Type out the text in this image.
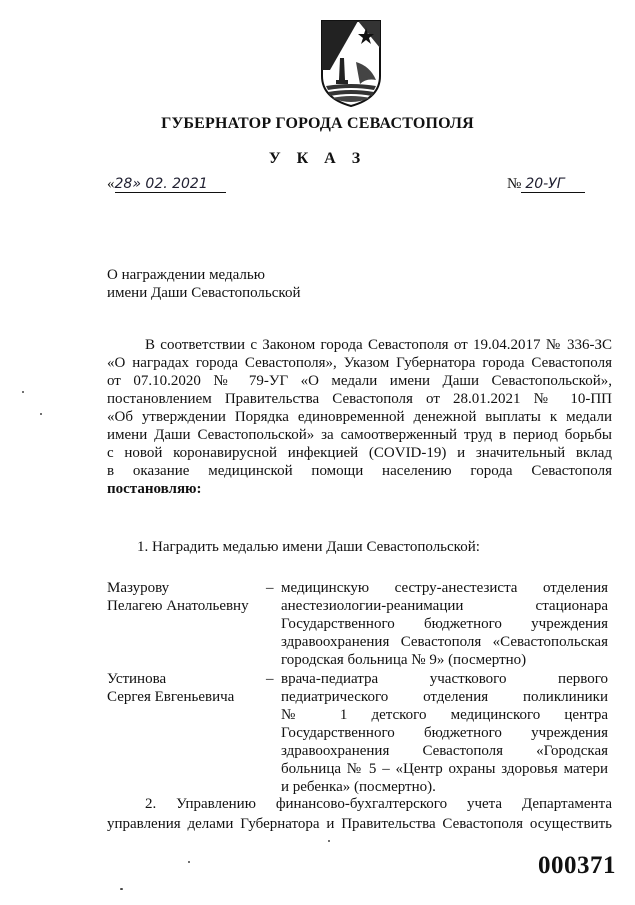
ГУБЕРНАТОР ГОРОДА СЕВАСТОПОЛЯ
У К А З
«28» 02. 2021	№ 20-УГ
О награждении медалью
имени Даши Севастопольской
В соответствии с Законом города Севастополя от 19.04.2017 № 336-ЗС
«О наградах города Севастополя», Указом Губернатора города Севастополя
от 07.10.2020 № 79-УГ «О медали имени Даши Севастопольской»,
постановлением Правительства Севастополя от 28.01.2021 № 10-ПП
«Об утверждении Порядка единовременной денежной выплаты к медали
имени Даши Севастопольской» за самоотверженный труд в период борьбы
с новой коронавирусной инфекцией (COVID-19) и значительный вклад
в оказание медицинской помощи населению города Севастополя
постановляю:
1. Наградить медалью имени Даши Севастопольской:
Мазурову
Пелагею Анатольевну
– медицинскую сестру-анестезиста отделения
анестезиологии-реанимации стационара
Государственного бюджетного учреждения
здравоохранения Севастополя «Севастопольская
городская больница № 9» (посмертно)
Устинова
Сергея Евгеньевича
– врача-педиатра участкового первого
педиатрического отделения поликлиники
№ 1 детского медицинского центра
Государственного бюджетного учреждения
здравоохранения Севастополя «Городская
больница № 5 – «Центр охраны здоровья матери
и ребенка» (посмертно).
2. Управлению финансово-бухгалтерского учета Департамента
управления делами Губернатора и Правительства Севастополя осуществить
000371
